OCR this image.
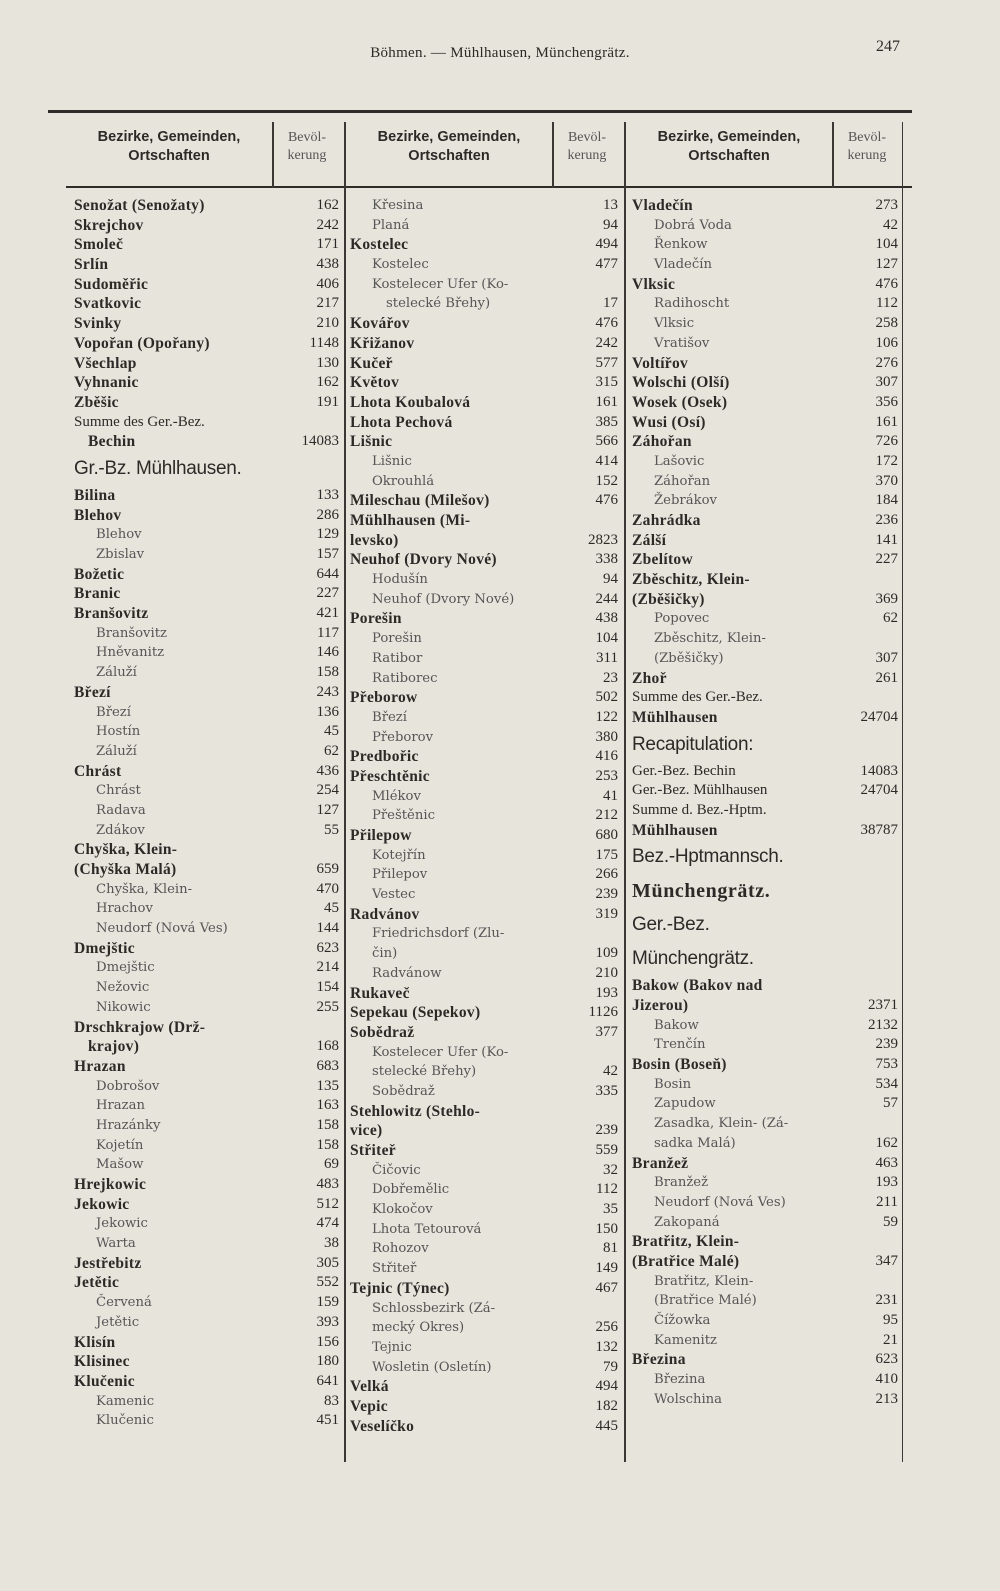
Böhmen. — Mühlhausen, Münchengrätz.	247
Bezirke, Gemeinden,
Ortschaften
Bevöl-
kerung
Bezirke, Gemeinden,
Ortschaften
Bevöl-
kerung
Bezirke, Gemeinden,
Ortschaften
Bevöl-
kerung
Senožat (Senožaty)	162
Skrejchov	242
Smoleč	171
Srlín	438
Sudoměřic	406
Svatkovic	217
Svinky	210
Vopořan (Opořany)	1148
Všechlap	130
Vyhnanic	162
Zběšic	191
Summe des Ger.-Bez.
Bechin	14083
Gr.-Bz. Mühlhausen.
Bilina	133
Blehov	286
Blehov	129
Zbislav	157
Božetic	644
Branic	227
Branšovitz	421
Branšovitz	117
Hněvanitz	146
Záluží	158
Březí	243
Březí	136
Hostín	45
Záluží	62
Chrást	436
Chrást	254
Radava	127
Zdákov	55
Chyška, Klein-
(Chyška Malá)	659
Chyška, Klein-	470
Hrachov	45
Neudorf (Nová Ves)	144
Dmejštic	623
Dmejštic	214
Nežovic	154
Nikowic	255
Drschkrajow (Drž-
krajov)	168
Hrazan	683
Dobrošov	135
Hrazan	163
Hrazánky	158
Kojetín	158
Mašow	69
Hrejkowic	483
Jekowic	512
Jekowic	474
Warta	38
Jestřebitz	305
Jetětic	552
Červená	159
Jetětic	393
Klisín	156
Klisinec	180
Klučenic	641
Kamenic	83
Klučenic	451
Křesina	13
Planá	94
Kostelec	494
Kostelec	477
Kostelecer Ufer (Ko-
stelecké Břehy)	17
Kovářov	476
Křižanov	242
Kučeř	577
Květov	315
Lhota Koubalová	161
Lhota Pechová	385
Lišnic	566
Lišnic	414
Okrouhlá	152
Mileschau (Milešov)	476
Mühlhausen (Mi-
levsko)	2823
Neuhof (Dvory Nové)	338
Hodušín	94
Neuhof (Dvory Nové)	244
Porešin	438
Porešin	104
Ratibor	311
Ratiborec	23
Přeborow	502
Březí	122
Přeborov	380
Predbořic	416
Přeschtěnic	253
Mlékov	41
Přeštěnic	212
Přilepow	680
Kotejřín	175
Přilepov	266
Vestec	239
Radvánov	319
Friedrichsdorf (Zlu-
čin)	109
Radvánow	210
Rukaveč	193
Sepekau (Sepekov)	1126
Sobědraž	377
Kostelecer Ufer (Ko-
stelecké Břehy)	42
Sobědraž	335
Stehlowitz (Stehlo-
vice)	239
Střiteř	559
Čičovic	32
Dobřemělic	112
Klokočov	35
Lhota Tetourová	150
Rohozov	81
Střiteř	149
Tejnic (Týnec)	467
Schlossbezirk (Zá-
mecký Okres)	256
Tejnic	132
Wosletin (Osletín)	79
Velká	494
Vepic	182
Veselíčko	445
Vladečín	273
Dobrá Voda	42
Řenkow	104
Vladečín	127
Vlksic	476
Radihoscht	112
Vlksic	258
Vratišov	106
Voltířov	276
Wolschi (Olší)	307
Wosek (Osek)	356
Wusi (Osí)	161
Záhořan	726
Lašovic	172
Záhořan	370
Žebrákov	184
Zahrádka	236
Zálší	141
Zbelítow	227
Zběschitz, Klein-
(Zběšičky)	369
Popovec	62
Zběschitz, Klein-
(Zběšičky)	307
Zhoř	261
Summe des Ger.-Bez.
Mühlhausen	24704
Recapitulation:
Ger.-Bez. Bechin	14083
Ger.-Bez. Mühlhausen	24704
Summe d. Bez.-Hptm.
Mühlhausen	38787
Bez.-Hptmannsch.
Münchengrätz.
Ger.-Bez.
Münchengrätz.
Bakow (Bakov nad
Jizerou)	2371
Bakow	2132
Trenčín	239
Bosin (Boseň)	753
Bosin	534
Zapudow	57
Zasadka, Klein- (Zá-
sadka Malá)	162
Branžež	463
Branžež	193
Neudorf (Nová Ves)	211
Zakopaná	59
Bratřitz, Klein-
(Bratřice Malé)	347
Bratřitz, Klein-
(Bratřice Malé)	231
Čížowka	95
Kamenitz	21
Březina	623
Březina	410
Wolschina	213
